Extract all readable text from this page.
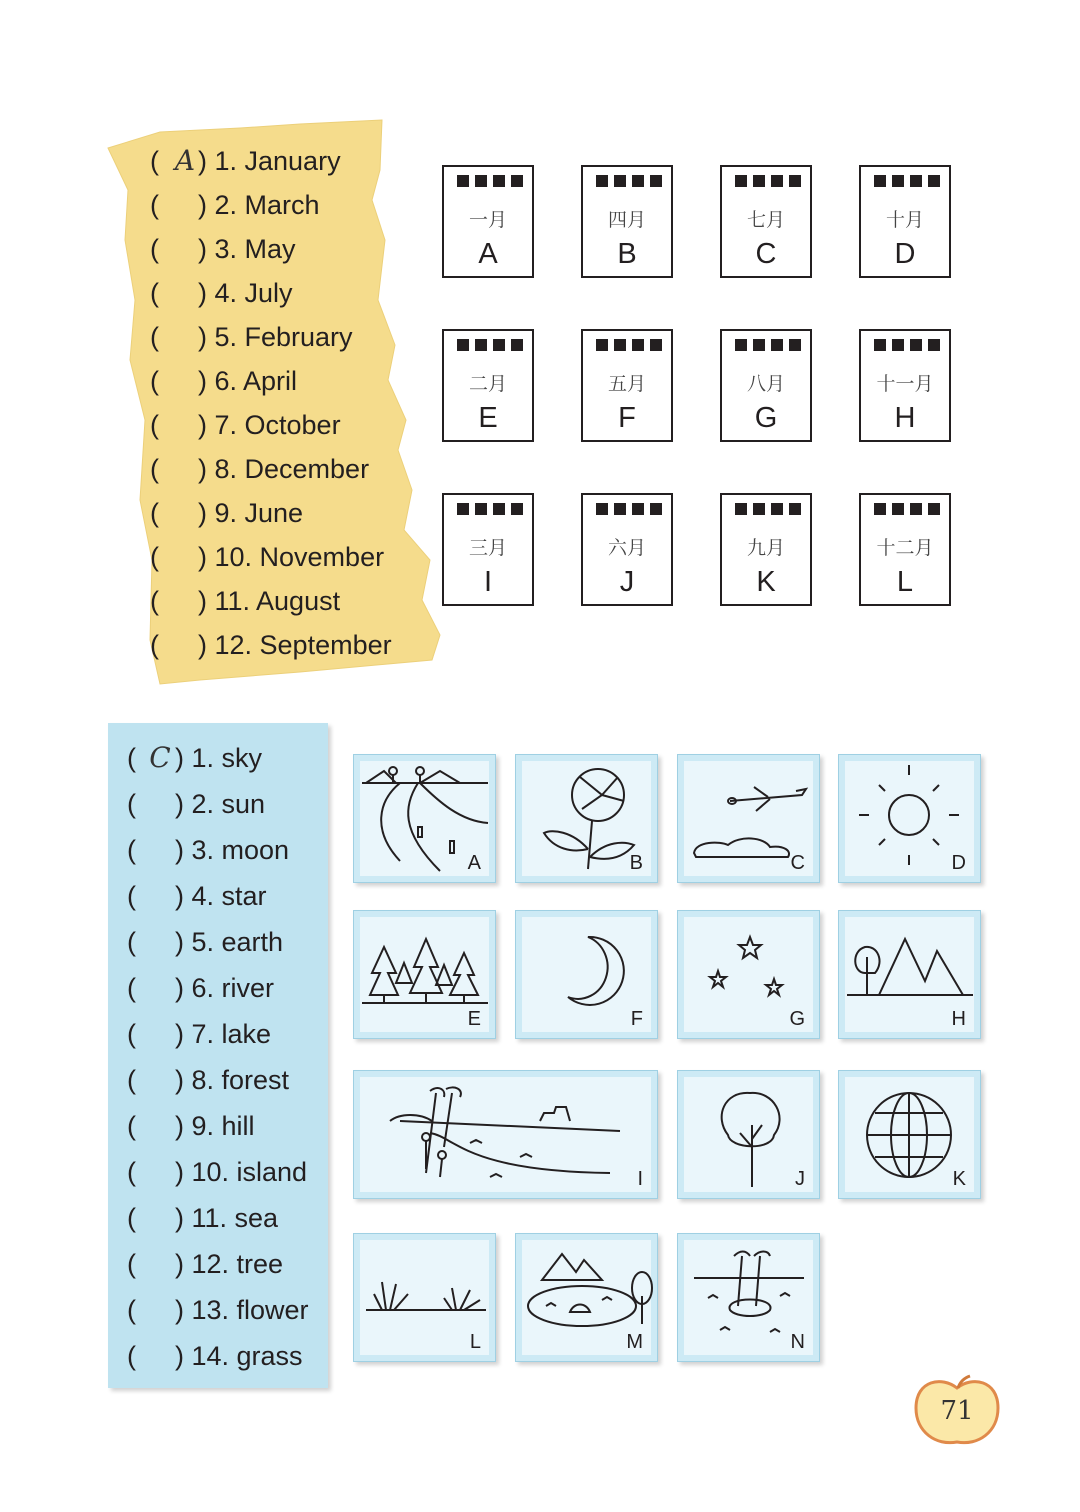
( A ) 1. January
( ) 2. March
( ) 3. May
( ) 4. July
( ) 5. February
( ) 6. April
( ) 7. October
( ) 8. December
( ) 9. June
( ) 10. November
( ) 11. August
( ) 12. September
一月
A
四月
B
七月
C
十月
D
二月
E
五月
F
八月
G
十一月
H
三月
I
六月
J
九月
K
十二月
L
( C ) 1. sky
( ) 2. sun
( ) 3. moon
( ) 4. star
( ) 5. earth
( ) 6. river
( ) 7. lake
( ) 8. forest
( ) 9. hill
( ) 10. island
( ) 11. sea
( ) 12. tree
( ) 13. flower
( ) 14. grass
A	B	C	D
E	F	G	H
I	J	K
L	M	N
71
